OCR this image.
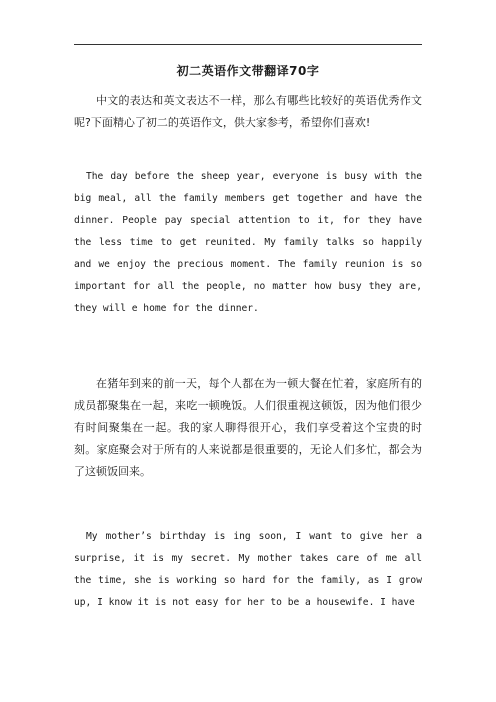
初二英语作文带翻译70字
中文的表达和英文表达不一样，那么有哪些比较好的英语优秀作文呢?下面精心了初二的英语作文，供大家参考，希望你们喜欢!
The day before the sheep year, everyone is busy with the big meal, all the family members get together and have the dinner. People pay special attention to it, for they have the less time to get reunited. My family talks so happily and we enjoy the precious moment. The family reunion is so important for all the people, no matter how busy they are, they will e home for the dinner.
在猪年到来的前一天，每个人都在为一顿大餐在忙着，家庭所有的成员都聚集在一起，来吃一顿晚饭。人们很重视这顿饭，因为他们很少有时间聚集在一起。我的家人聊得很开心，我们享受着这个宝贵的时刻。家庭聚会对于所有的人来说都是很重要的，无论人们多忙，都会为了这顿饭回来。
My mother’s birthday is ing soon, I want to give her a surprise, it is my secret. My mother takes care of me all the time, she is working so hard for the family, as I grow up, I know it is not easy for her to be a housewife. I have
